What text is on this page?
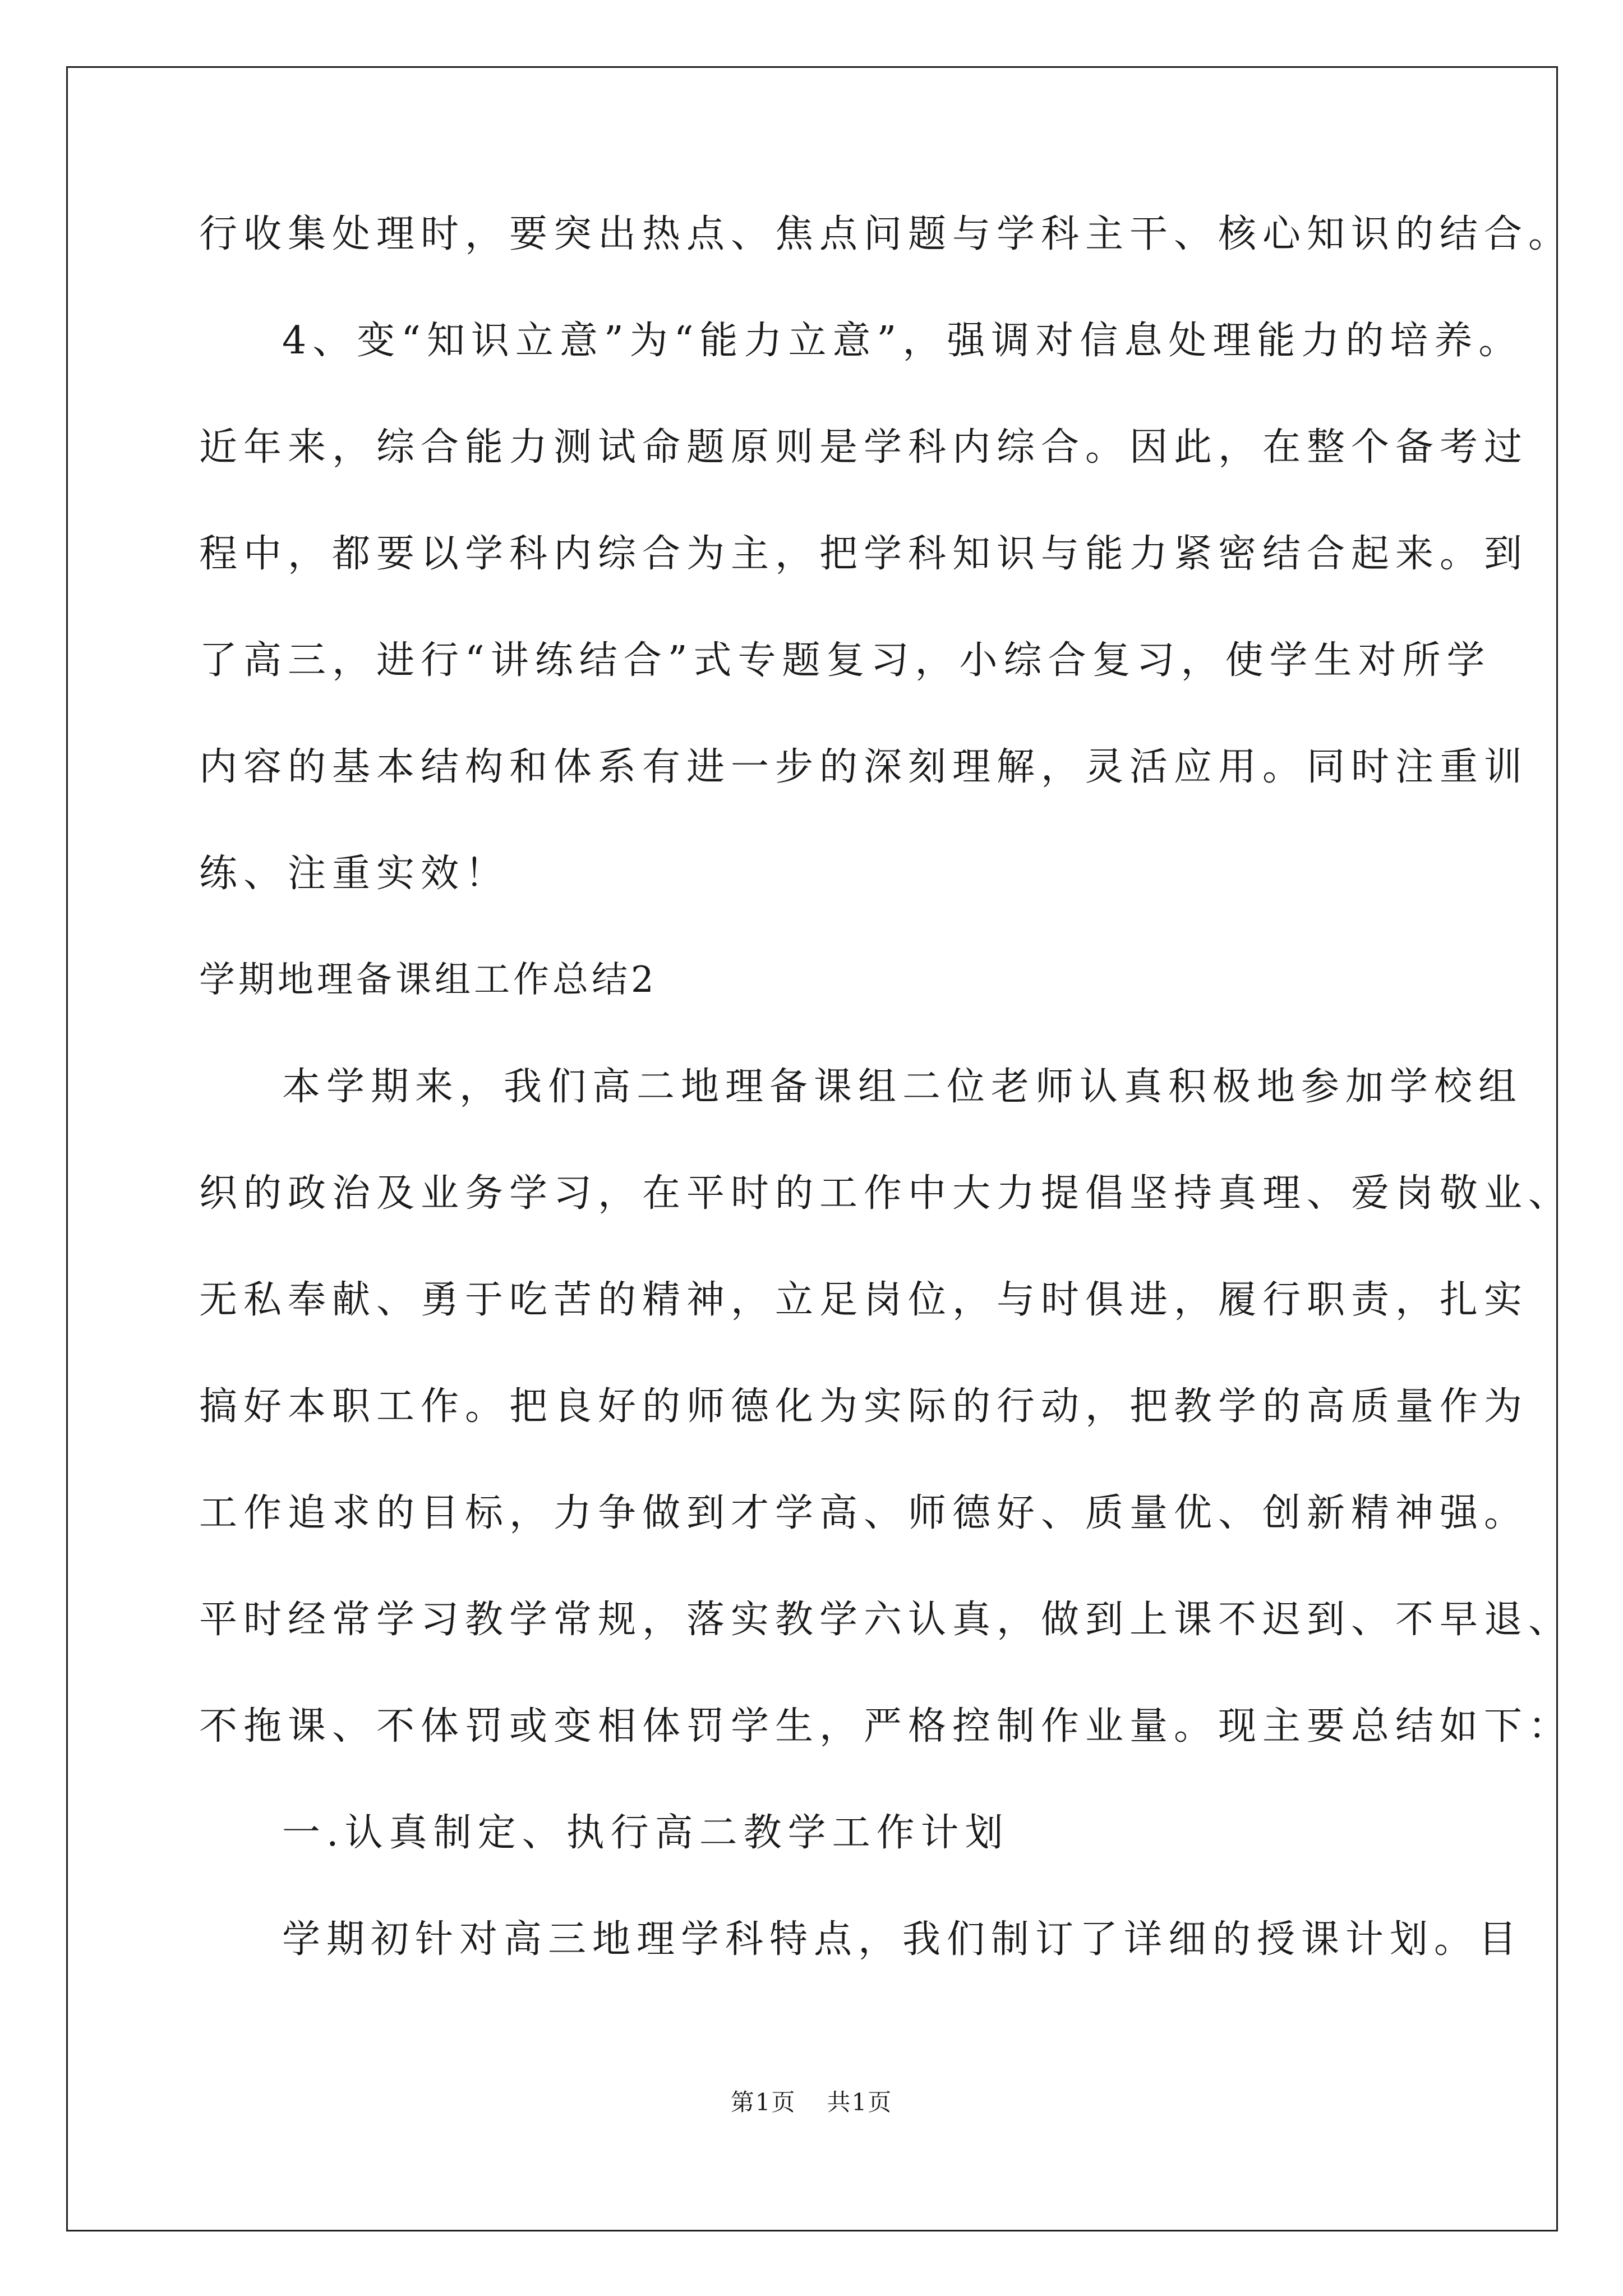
行收集处理时，要突出热点、焦点问题与学科主干、核心知识的结合。
4、变“知识立意”为“能力立意”，强调对信息处理能力的培养。
近年来，综合能力测试命题原则是学科内综合。因此，在整个备考过
程中，都要以学科内综合为主，把学科知识与能力紧密结合起来。到
了高三，进行“讲练结合”式专题复习，小综合复习，使学生对所学
内容的基本结构和体系有进一步的深刻理解，灵活应用。同时注重训
练、注重实效！
学期地理备课组工作总结2
本学期来，我们高二地理备课组二位老师认真积极地参加学校组
织的政治及业务学习，在平时的工作中大力提倡坚持真理、爱岗敬业、
无私奉献、勇于吃苦的精神，立足岗位，与时俱进，履行职责，扎实
搞好本职工作。把良好的师德化为实际的行动，把教学的高质量作为
工作追求的目标，力争做到才学高、师德好、质量优、创新精神强。
平时经常学习教学常规，落实教学六认真，做到上课不迟到、不早退、
不拖课、不体罚或变相体罚学生，严格控制作业量。现主要总结如下：
一.认真制定、执行高二教学工作计划
学期初针对高三地理学科特点，我们制订了详细的授课计划。目
第1页 共1页
